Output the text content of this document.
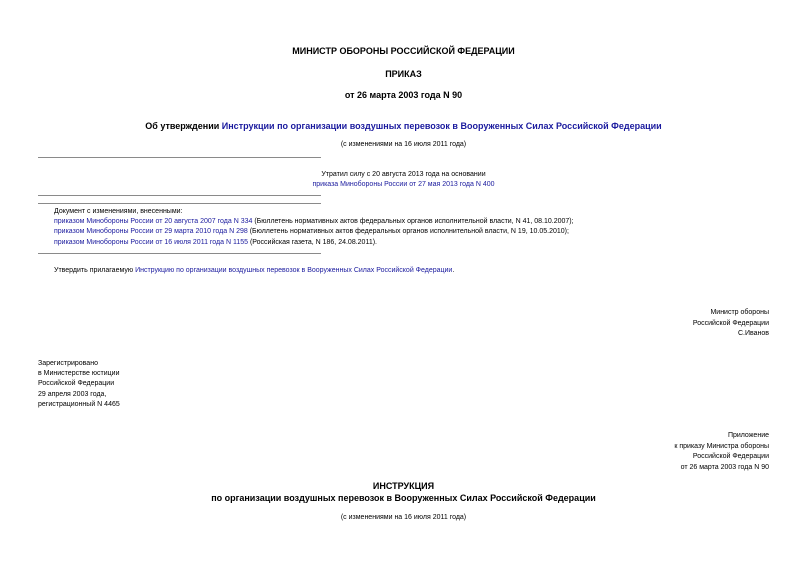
МИНИСТР ОБОРОНЫ РОССИЙСКОЙ ФЕДЕРАЦИИ
ПРИКАЗ
от 26 марта 2003 года N 90
Об утверждении Инструкции по организации воздушных перевозок в Вооруженных Силах Российской Федерации
(с изменениями на 16 июля 2011 года)
Утратил силу с 20 августа 2013 года на основании
приказа Минобороны России от 27 мая 2013 года N 400
Документ с изменениями, внесенными:
приказом Минобороны России от 20 августа 2007 года N 334 (Бюллетень нормативных актов федеральных органов исполнительной власти, N 41, 08.10.2007);
приказом Минобороны России от 29 марта 2010 года N 298 (Бюллетень нормативных актов федеральных органов исполнительной власти, N 19, 10.05.2010);
приказом Минобороны России от 16 июля 2011 года N 1155 (Российская газета, N 186, 24.08.2011).
Утвердить прилагаемую Инструкцию по организации воздушных перевозок в Вооруженных Силах Российской Федерации.
Министр обороны
Российской Федерации
С.Иванов
Зарегистрировано
в Министерстве юстиции
Российской Федерации
29 апреля 2003 года,
регистрационный N 4465
Приложение
к приказу Министра обороны
Российской Федерации
от 26 марта 2003 года N 90
ИНСТРУКЦИЯ
по организации воздушных перевозок в Вооруженных Силах Российской Федерации
(с изменениями на 16 июля 2011 года)
